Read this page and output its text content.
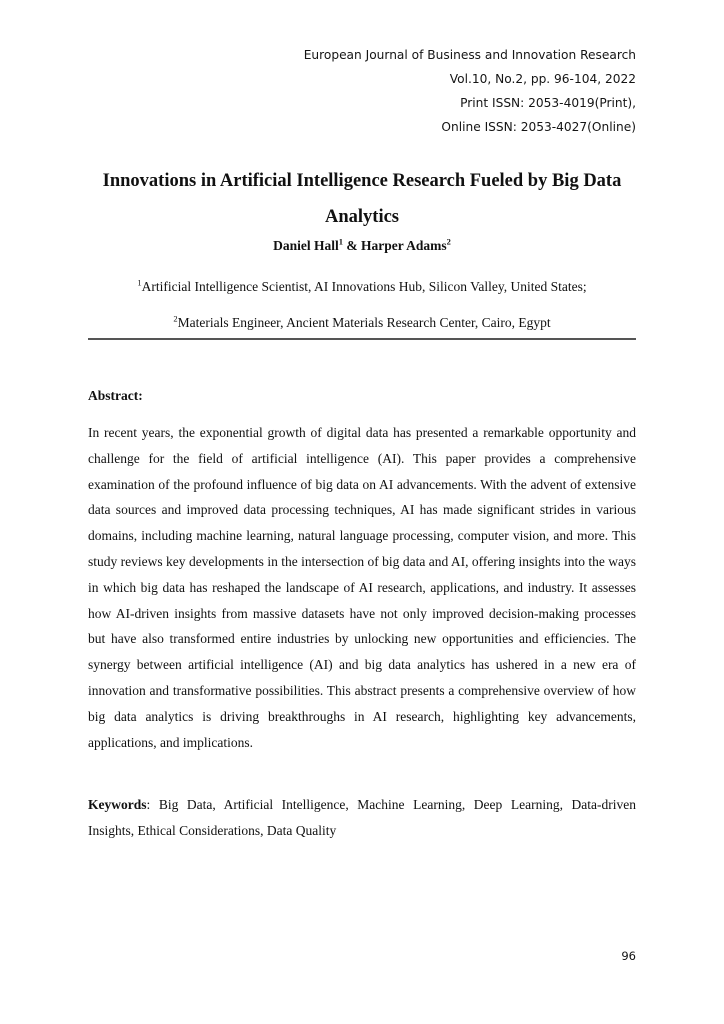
European Journal of Business and Innovation Research
Vol.10, No.2, pp. 96-104, 2022
Print ISSN: 2053-4019(Print),
Online ISSN: 2053-4027(Online)
Innovations in Artificial Intelligence Research Fueled by Big Data Analytics
Daniel Hall$^1$ & Harper Adams$^2$
$^1$Artificial Intelligence Scientist, AI Innovations Hub, Silicon Valley, United States;
$^2$Materials Engineer, Ancient Materials Research Center, Cairo, Egypt
Abstract:

In recent years, the exponential growth of digital data has presented a remarkable opportunity and challenge for the field of artificial intelligence (AI). This paper provides a comprehensive examination of the profound influence of big data on AI advancements. With the advent of extensive data sources and improved data processing techniques, AI has made significant strides in various domains, including machine learning, natural language processing, computer vision, and more. This study reviews key developments in the intersection of big data and AI, offering insights into the ways in which big data has reshaped the landscape of AI research, applications, and industry. It assesses how AI-driven insights from massive datasets have not only improved decision-making processes but have also transformed entire industries by unlocking new opportunities and efficiencies. The synergy between artificial intelligence (AI) and big data analytics has ushered in a new era of innovation and transformative possibilities. This abstract presents a comprehensive overview of how big data analytics is driving breakthroughs in AI research, highlighting key advancements, applications, and implications.

Keywords: Big Data, Artificial Intelligence, Machine Learning, Deep Learning, Data-driven Insights, Ethical Considerations, Data Quality

96
